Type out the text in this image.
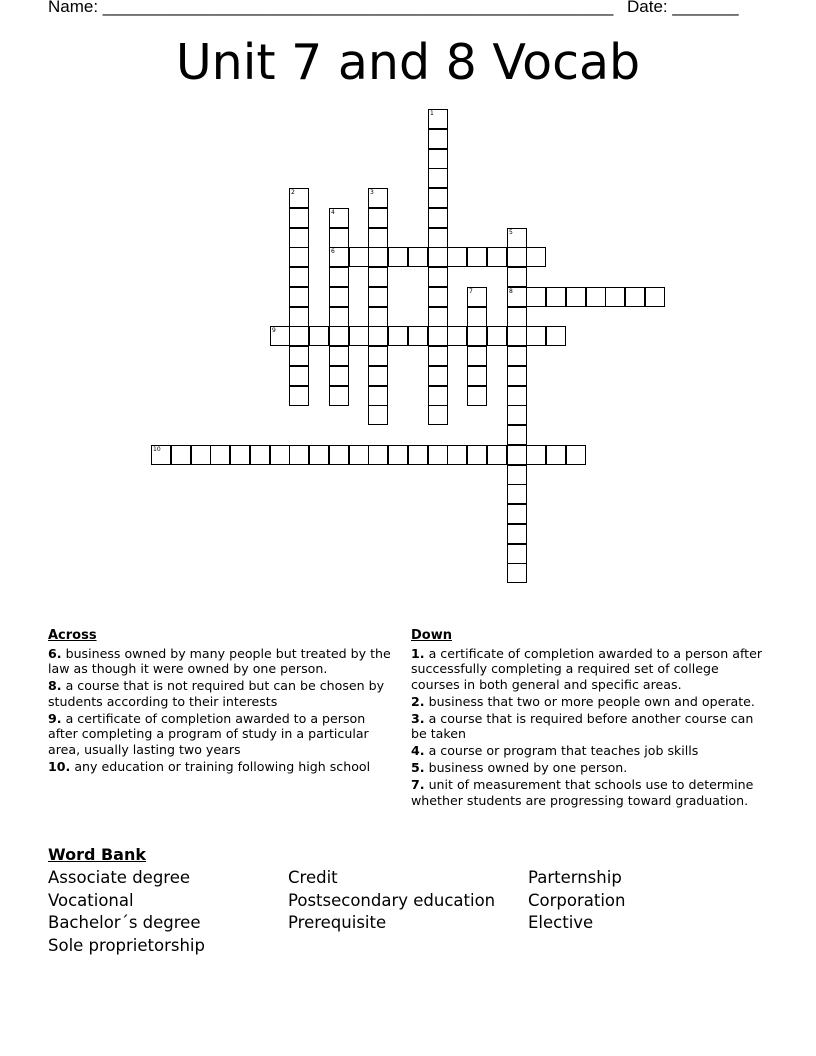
Name: ______________________________________________________ Date: _______
Unit 7 and 8 Vocab
1
2	3
4
6
5
8
7
9
10
Across
6. business owned by many people but treated by the law as though it were owned by one person.
8. a course that is not required but can be chosen by students according to their interests
9. a certificate of completion awarded to a person after completing a program of study in a particular area, usually lasting two years
10. any education or training following high school
Down
1. a certificate of completion awarded to a person after successfully completing a required set of college courses in both general and specific areas.
2. business that two or more people own and operate.
3. a course that is required before another course can be taken
4. a course or program that teaches job skills
5. business owned by one person.
7. unit of measurement that schools use to determine whether students are progressing toward graduation.
Word Bank
Associate degree
Vocational
Bachelor´s degree
Sole proprietorship
Credit
Postsecondary education
Prerequisite
Parternship
Corporation
Elective
